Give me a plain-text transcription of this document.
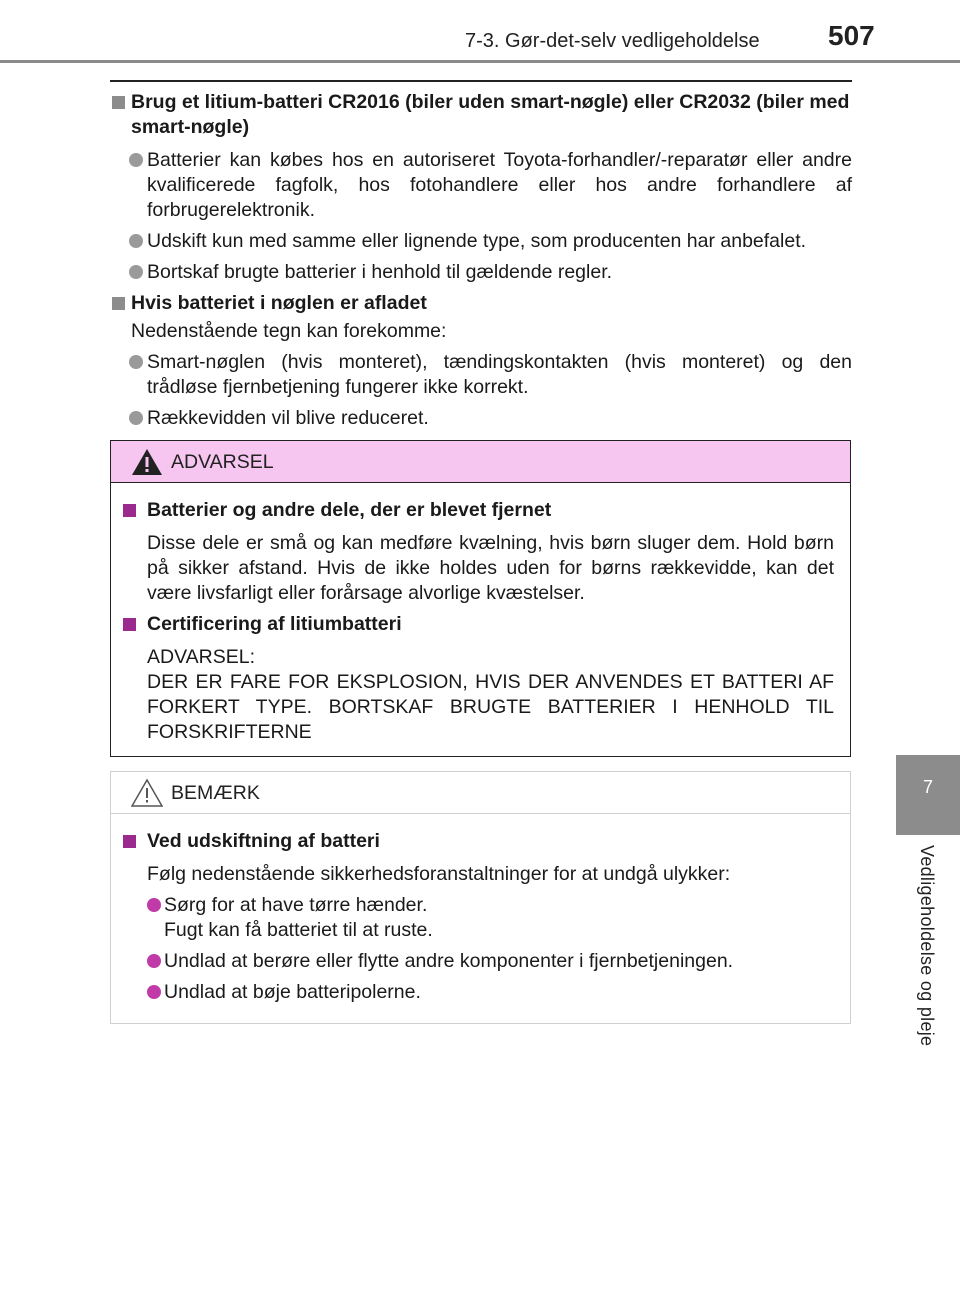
7-3. Gør-det-selv vedligeholdelse 507
7
Vedligeholdelse og pleje
Brug et litium-batteri CR2016 (biler uden smart-nøgle) eller CR2032 (biler med smart-nøgle)
Batterier kan købes hos en autoriseret Toyota-forhandler/-reparatør eller andre kvalificerede fagfolk, hos fotohandlere eller hos andre forhandlere af forbrugerelektronik.
Udskift kun med samme eller lignende type, som producenten har anbefalet.
Bortskaf brugte batterier i henhold til gældende regler.
Hvis batteriet i nøglen er afladet
Nedenstående tegn kan forekomme:
Smart-nøglen (hvis monteret), tændingskontakten (hvis monteret) og den trådløse fjernbetjening fungerer ikke korrekt.
Rækkevidden vil blive reduceret.
ADVARSEL
Batterier og andre dele, der er blevet fjernet
Disse dele er små og kan medføre kvælning, hvis børn sluger dem. Hold børn på sikker afstand. Hvis de ikke holdes uden for børns rækkevidde, kan det være livsfarligt eller forårsage alvorlige kvæstelser.
Certificering af litiumbatteri
ADVARSEL:
DER ER FARE FOR EKSPLOSION, HVIS DER ANVENDES ET BATTERI AF FORKERT TYPE. BORTSKAF BRUGTE BATTERIER I HENHOLD TIL FORSKRIFTERNE
BEMÆRK
Ved udskiftning af batteri
Følg nedenstående sikkerhedsforanstaltninger for at undgå ulykker:
Sørg for at have tørre hænder.
Fugt kan få batteriet til at ruste.
Undlad at berøre eller flytte andre komponenter i fjernbetjeningen.
Undlad at bøje batteripolerne.
